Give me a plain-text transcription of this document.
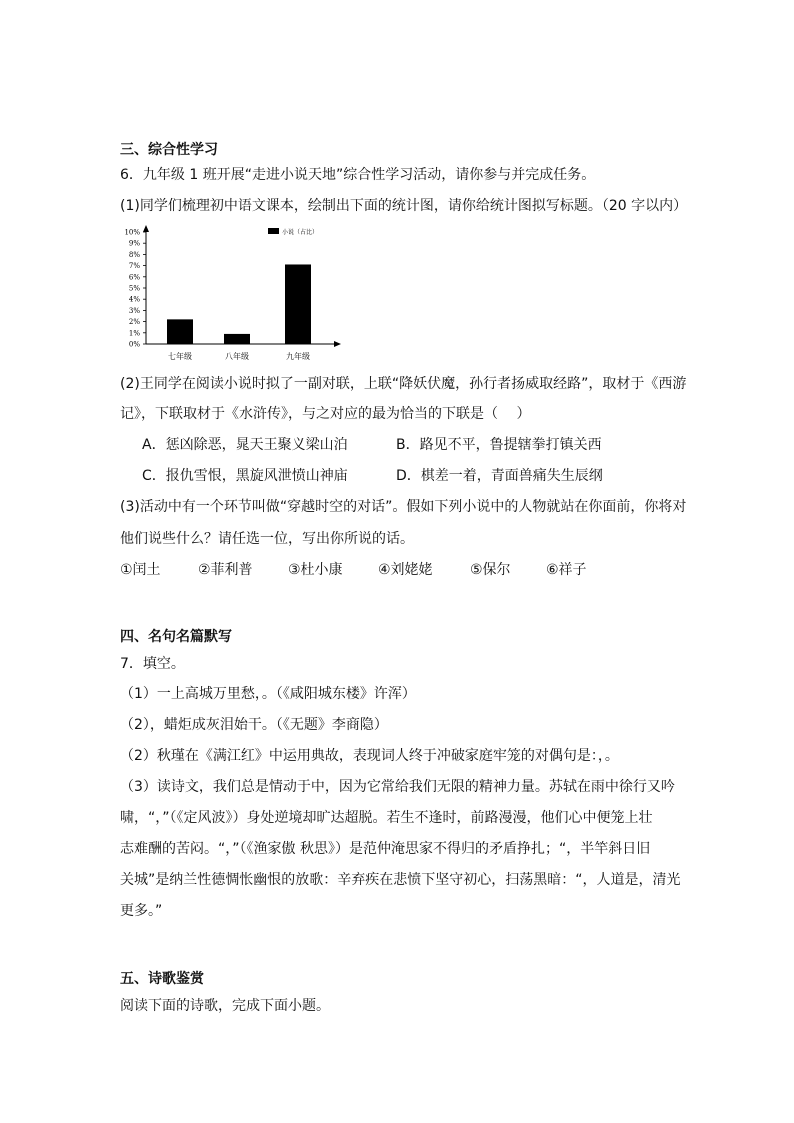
三、综合性学习
6．九年级 1 班开展“走进小说天地”综合性学习活动，请你参与并完成任务。
(1)同学们梳理初中语文课本，绘制出下面的统计图，请你给统计图拟写标题。（20 字以内）
0%
1%
2%
3%
4%
5%
6%
7%
8%
9%
10%
七年级	八年级	九年级
小说（占比）
(2)王同学在阅读小说时拟了一副对联，上联“降妖伏魔，孙行者扬威取经路”，取材于《西游
记》，下联取材于《水浒传》，与之对应的最为恰当的下联是（　 ）
A．惩凶除恶，晁天王聚义梁山泊	B．路见不平，鲁提辖拳打镇关西
C．报仇雪恨，黑旋风泄愤山神庙	D．棋差一着，青面兽痛失生辰纲
(3)活动中有一个环节叫做“穿越时空的对话”。假如下列小说中的人物就站在你面前，你将对
他们说些什么？请任选一位，写出你所说的话。
①闰土	②菲利普	③杜小康	④刘姥姥	⑤保尔	⑥祥子
四、名句名篇默写
7．填空。
（1）一上高城万里愁，。（《咸阳城东楼》许浑）
（2），蜡炬成灰泪始干。（《无题》李商隐）
（2）秋瑾在《满江红》中运用典故，表现词人终于冲破家庭牢笼的对偶句是：，。
（3）读诗文，我们总是情动于中，因为它常给我们无限的精神力量。苏轼在雨中徐行又吟
啸，“，”（《定风波》）身处逆境却旷达超脱。若生不逢时，前路漫漫，他们心中便笼上壮
志难酬的苦闷。“，”（《渔家傲 秋思》）是范仲淹思家不得归的矛盾挣扎；“，半竿斜日旧
关城”是纳兰性德惆怅幽恨的放歌：辛弃疾在悲愤下坚守初心，扫荡黑暗：“，人道是，清光
更多。”
五、诗歌鉴赏
阅读下面的诗歌，完成下面小题。
